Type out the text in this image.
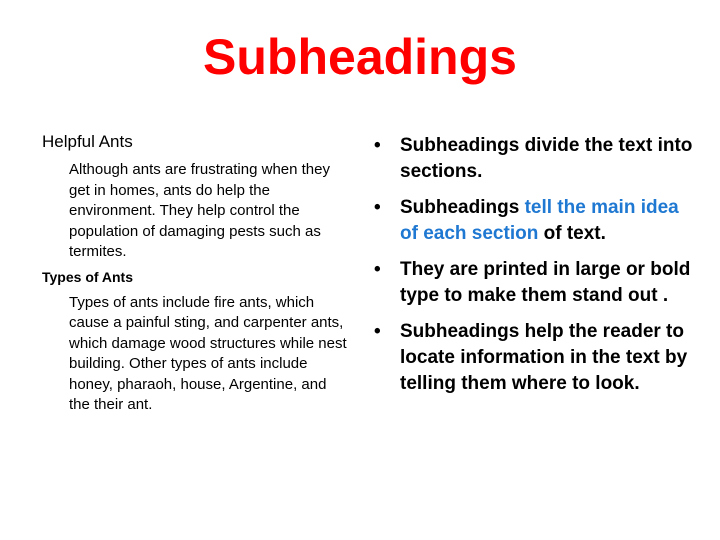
Subheadings
Helpful Ants
Although ants are frustrating when they get in homes, ants do help the environment. They help control the population of damaging pests such as termites.
Types of Ants
Types of ants include fire ants, which cause a painful sting, and carpenter ants, which damage wood structures while nest building. Other types of ants include honey, pharaoh, house, Argentine, and the their ant.
• Subheadings divide the text into sections.
• Subheadings tell the main idea of each section of text.
• They are printed in large or bold type to make them stand out .
• Subheadings help the reader to locate information in the text by telling them where to look.
